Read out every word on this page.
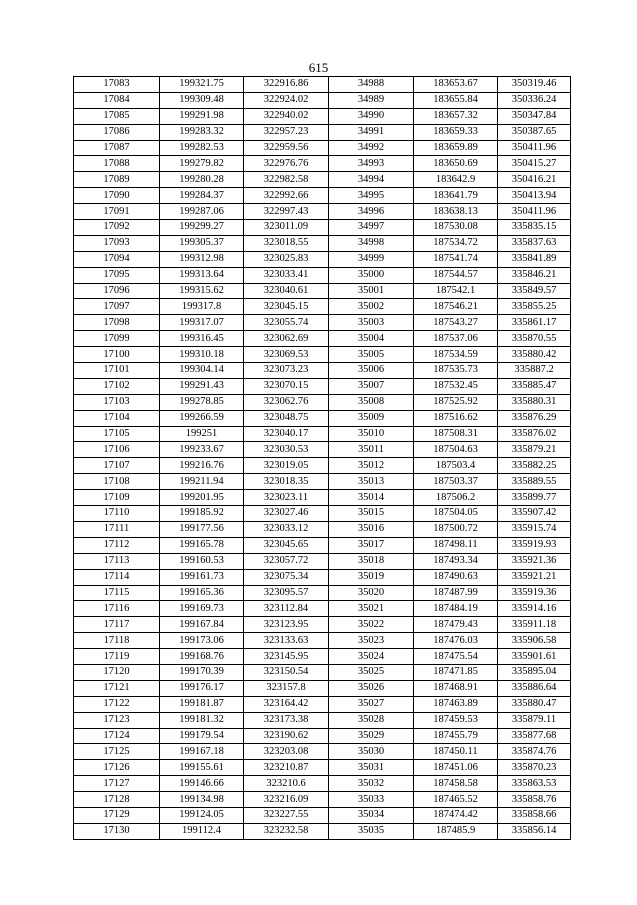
615
17083	199321.75	322916.86	34988	183653.67	350319.46
17084	199309.48	322924.02	34989	183655.84	350336.24
17085	199291.98	322940.02	34990	183657.32	350347.84
17086	199283.32	322957.23	34991	183659.33	350387.65
17087	199282.53	322959.56	34992	183659.89	350411.96
17088	199279.82	322976.76	34993	183650.69	350415.27
17089	199280.28	322982.58	34994	183642.9	350416.21
17090	199284.37	322992.66	34995	183641.79	350413.94
17091	199287.06	322997.43	34996	183638.13	350411.96
17092	199299.27	323011.09	34997	187530.08	335835.15
17093	199305.37	323018.55	34998	187534.72	335837.63
17094	199312.98	323025.83	34999	187541.74	335841.89
17095	199313.64	323033.41	35000	187544.57	335846.21
17096	199315.62	323040.61	35001	187542.1	335849.57
17097	199317.8	323045.15	35002	187546.21	335855.25
17098	199317.07	323055.74	35003	187543.27	335861.17
17099	199316.45	323062.69	35004	187537.06	335870.55
17100	199310.18	323069.53	35005	187534.59	335880.42
17101	199304.14	323073.23	35006	187535.73	335887.2
17102	199291.43	323070.15	35007	187532.45	335885.47
17103	199278.85	323062.76	35008	187525.92	335880.31
17104	199266.59	323048.75	35009	187516.62	335876.29
17105	199251	323040.17	35010	187508.31	335876.02
17106	199233.67	323030.53	35011	187504.63	335879.21
17107	199216.76	323019.05	35012	187503.4	335882.25
17108	199211.94	323018.35	35013	187503.37	335889.55
17109	199201.95	323023.11	35014	187506.2	335899.77
17110	199185.92	323027.46	35015	187504.05	335907.42
17111	199177.56	323033.12	35016	187500.72	335915.74
17112	199165.78	323045.65	35017	187498.11	335919.93
17113	199160.53	323057.72	35018	187493.34	335921.36
17114	199161.73	323075.34	35019	187490.63	335921.21
17115	199165.36	323095.57	35020	187487.99	335919.36
17116	199169.73	323112.84	35021	187484.19	335914.16
17117	199167.84	323123.95	35022	187479.43	335911.18
17118	199173.06	323133.63	35023	187476.03	335906.58
17119	199168.76	323145.95	35024	187475.54	335901.61
17120	199170.39	323150.54	35025	187471.85	335895.04
17121	199176.17	323157.8	35026	187468.91	335886.64
17122	199181.87	323164.42	35027	187463.89	335880.47
17123	199181.32	323173.38	35028	187459.53	335879.11
17124	199179.54	323190.62	35029	187455.79	335877.68
17125	199167.18	323203.08	35030	187450.11	335874.76
17126	199155.61	323210.87	35031	187451.06	335870.23
17127	199146.66	323210.6	35032	187458.58	335863.53
17128	199134.98	323216.09	35033	187465.52	335858.76
17129	199124.05	323227.55	35034	187474.42	335858.66
17130	199112.4	323232.58	35035	187485.9	335856.14
